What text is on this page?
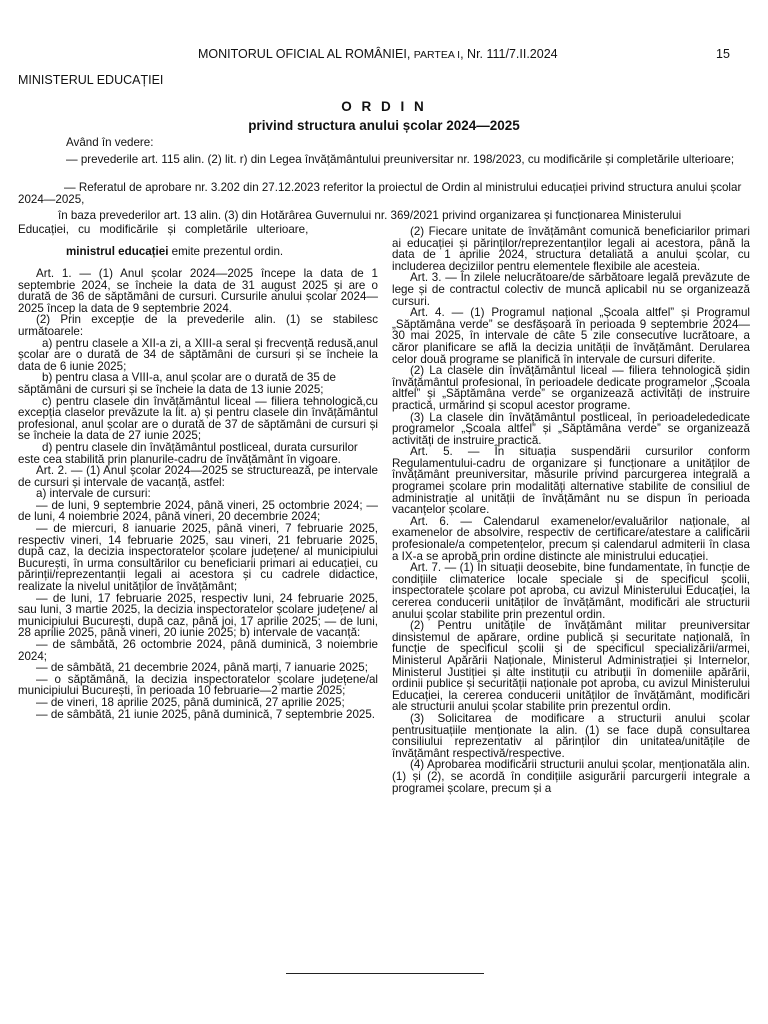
MONITORUL OFICIAL AL ROMÂNIEI, PARTEA I, Nr. 111/7.II.2024	15
MINISTERUL EDUCAȚIEI
O R D I N
privind structura anului școlar 2024—2025
Având în vedere:
— prevederile art. 115 alin. (2) lit. r) din Legea învățământului preuniversitar nr. 198/2023, cu modificările și completările ulterioare;
— Referatul de aprobare nr. 3.202 din 27.12.2023 referitor la proiectul de Ordin al ministrului educației privind structura anului școlar 2024—2025,
în baza prevederilor art. 13 alin. (3) din Hotărârea Guvernului nr. 369/2021 privind organizarea și funcționarea Ministerului
Educației, cu modificările și completările ulterioare,
ministrul educației emite prezentul ordin.

Art. 1. — (1) Anul școlar 2024—2025 începe la data de 1 septembrie 2024, se încheie la data de 31 august 2025 și are o durată de 36 de săptămâni de cursuri. Cursurile anului școlar 2024—2025 încep la data de 9 septembrie 2024.

(2) Prin excepție de la prevederile alin. (1) se stabilesc următoarele:

a) pentru clasele a XII-a zi, a XIII-a seral și frecvență redusă,anul școlar are o durată de 34 de săptămâni de cursuri și se încheie la data de 6 iunie 2025;

b) pentru clasa a VIII-a, anul școlar are o durată de 35 de

săptămâni de cursuri și se încheie la data de 13 iunie 2025;

c) pentru clasele din învățământul liceal — filiera tehnologică,cu excepția claselor prevăzute la lit. a) și pentru clasele din învățământul profesional, anul școlar are o durată de 37 de săptămâni de cursuri și se încheie la data de 27 iunie 2025;

d) pentru clasele din învățământul postliceal, durata cursurilor

este cea stabilită prin planurile-cadru de învățământ în vigoare.

Art. 2. — (1) Anul școlar 2024—2025 se structurează, pe intervale de cursuri și intervale de vacanță, astfel:

a) intervale de cursuri:

— de luni, 9 septembrie 2024, până vineri, 25 octombrie 2024; — de luni, 4 noiembrie 2024, până vineri, 20 decembrie 2024;

— de miercuri, 8 ianuarie 2025, până vineri, 7 februarie 2025, respectiv vineri, 14 februarie 2025, sau vineri, 21 februarie 2025, după caz, la decizia inspectoratelor școlare județene/ al municipiului București, în urma consultărilor cu beneficiarii primari ai educației, cu părinții/reprezentanții legali ai acestora și cu cadrele didactice, realizate la nivelul unităților de învățământ;

— de luni, 17 februarie 2025, respectiv luni, 24 februarie 2025, sau luni, 3 martie 2025, la decizia inspectoratelor școlare județene/ al municipiului București, după caz, până joi, 17 aprilie 2025; — de luni, 28 aprilie 2025, până vineri, 20 iunie 2025; b) intervale de vacanță:

— de sâmbătă, 26 octombrie 2024, până duminică, 3 noiembrie 2024;

— de sâmbătă, 21 decembrie 2024, până marți, 7 ianuarie 2025;

— o săptămână, la decizia inspectoratelor școlare județene/al municipiului București, în perioada 10 februarie—2 martie 2025;

— de vineri, 18 aprilie 2025, până duminică, 27 aprilie 2025;

— de sâmbătă, 21 iunie 2025, până duminică, 7 septembrie 2025.

(2) Fiecare unitate de învățământ comunică beneficiarilor primari ai educației și părinților/reprezentanților legali ai acestora, până la data de 1 aprilie 2024, structura detaliată a anului școlar, cu includerea deciziilor pentru elementele flexibile ale acesteia.

Art. 3. — În zilele nelucrătoare/de sărbătoare legală prevăzute de lege și de contractul colectiv de muncă aplicabil nu se organizează cursuri.

Art. 4. — (1) Programul național „Școala altfel” și Programul „Săptămâna verde” se desfășoară în perioada 9 septembrie 2024—30 mai 2025, în intervale de câte 5 zile consecutive lucrătoare, a căror planificare se află la decizia unității de învățământ. Derularea celor două programe se planifică în intervale de cursuri diferite.

(2) La clasele din învățământul liceal — filiera tehnologică șidin învățământul profesional, în perioadele dedicate programelor „Școala altfel” și „Săptămâna verde” se organizează activități de instruire practică, urmărind și scopul acestor programe.

(3) La clasele din învățământul postliceal, în perioadelededicate programelor „Școala altfel” și „Săptămâna verde” se organizează activități de instruire practică.

Art. 5. — În situația suspendării cursurilor conform Regulamentului-cadru de organizare și funcționare a unităților de învățământ preuniversitar, măsurile privind parcurgerea integrală a programei școlare prin modalități alternative stabilite de consiliul de administrație al unității de învățământ nu se dispun în perioada vacanțelor școlare.

Art. 6. — Calendarul examenelor/evaluărilor naționale, al examenelor de absolvire, respectiv de certificare/atestare a calificării profesionale/a competențelor, precum și calendarul admiterii în clasa a IX-a se aprobă prin ordine distincte ale ministrului educației.

Art. 7. — (1) În situații deosebite, bine fundamentate, în funcție de condițiile climaterice locale speciale și de specificul școlii, inspectoratele școlare pot aproba, cu avizul Ministerului Educației, la cererea conducerii unităților de învățământ, modificări ale structurii anului școlar stabilite prin prezentul ordin.

(2) Pentru unitățile de învățământ militar preuniversitar dinsistemul de apărare, ordine publică și securitate națională, în funcție de specificul școlii și de specificul specializării/armei, Ministerul Apărării Naționale, Ministerul Administrației și Internelor, Ministerul Justiției și alte instituții cu atribuții în domeniile apărării, ordinii publice și securității naționale pot aproba, cu avizul Ministerului Educației, la cererea conducerii unităților de învățământ, modificări ale structurii anului școlar stabilite prin prezentul ordin.

(3) Solicitarea de modificare a structurii anului școlar pentrusituațiile menționate la alin. (1) se face după consultarea consiliului reprezentativ al părinților din unitatea/unitățile de învățământ respectivă/respective.

(4) Aprobarea modificării structurii anului școlar, menționatăla alin. (1) și (2), se acordă în condițiile asigurării parcurgerii integrale a programei școlare, precum și a
